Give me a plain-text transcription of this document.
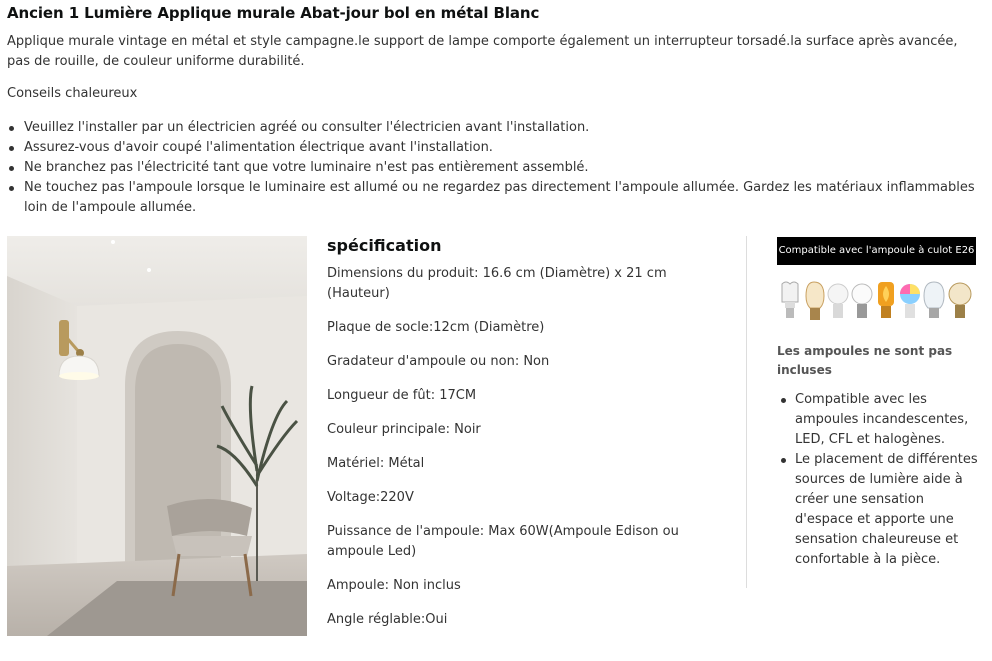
Ancien 1 Lumière Applique murale Abat-jour bol en métal Blanc
Applique murale vintage en métal et style campagne.le support de lampe comporte également un interrupteur torsadé.la surface après avancée, pas de rouille, de couleur uniforme durabilité.
Conseils chaleureux
Veuillez l'installer par un électricien agréé ou consulter l'électricien avant l'installation.
Assurez-vous d'avoir coupé l'alimentation électrique avant l'installation.
Ne branchez pas l'électricité tant que votre luminaire n'est pas entièrement assemblé.
Ne touchez pas l'ampoule lorsque le luminaire est allumé ou ne regardez pas directement l'ampoule allumée. Gardez les matériaux inflammables loin de l'ampoule allumée.
spécification
Dimensions du produit: 16.6 cm (Diamètre) x 21 cm (Hauteur)
Plaque de socle:12cm (Diamètre)
Gradateur d'ampoule ou non: Non
Longueur de fût: 17CM
Couleur principale: Noir
Matériel: Métal
Voltage:220V
Puissance de l'ampoule: Max 60W(Ampoule Edison ou ampoule Led)
Ampoule: Non inclus
Angle réglable:Oui
Compatible avec l'ampoule à culot E26
Les ampoules ne sont pas incluses
Compatible avec les ampoules incandescentes, LED, CFL et halogènes.
Le placement de différentes sources de lumière aide à créer une sensation d'espace et apporte une sensation chaleureuse et confortable à la pièce.
